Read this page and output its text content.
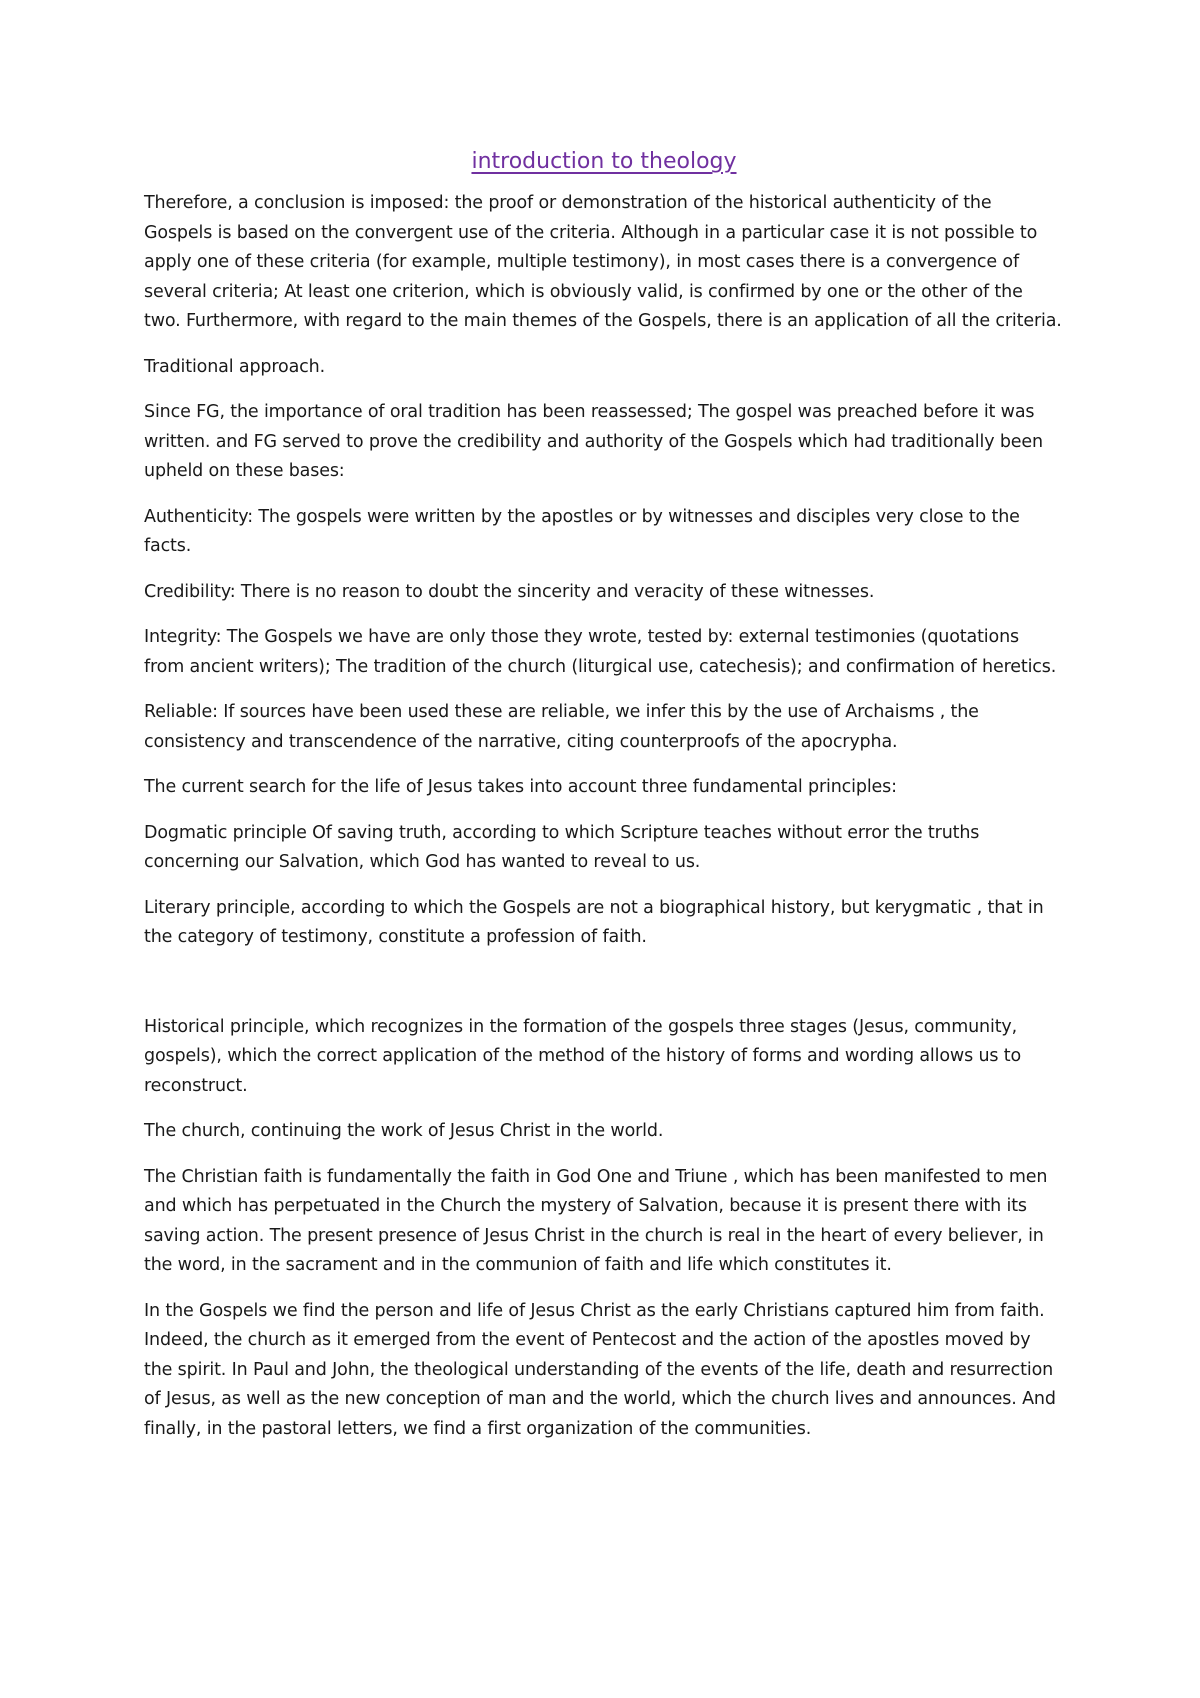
introduction to theology

Therefore, a conclusion is imposed: the proof or demonstration of the historical authenticity of the Gospels is based on the convergent use of the criteria. Although in a particular case it is not possible to apply one of these criteria (for example, multiple testimony), in most cases there is a convergence of several criteria; At least one criterion, which is obviously valid, is confirmed by one or the other of the two. Furthermore, with regard to the main themes of the Gospels, there is an application of all the criteria.

Traditional approach.

Since FG, the importance of oral tradition has been reassessed; The gospel was preached before it was written. and FG served to prove the credibility and authority of the Gospels which had traditionally been upheld on these bases:

Authenticity: The gospels were written by the apostles or by witnesses and disciples very close to the facts.

Credibility: There is no reason to doubt the sincerity and veracity of these witnesses.

Integrity: The Gospels we have are only those they wrote, tested by: external testimonies (quotations from ancient writers); The tradition of the church (liturgical use, catechesis); and confirmation of heretics.

Reliable: If sources have been used these are reliable, we infer this by the use of Archaisms , the consistency and transcendence of the narrative, citing counterproofs of the apocrypha.

The current search for the life of Jesus takes into account three fundamental principles:

Dogmatic principle Of saving truth, according to which Scripture teaches without error the truths concerning our Salvation, which God has wanted to reveal to us.

Literary principle, according to which the Gospels are not a biographical history, but kerygmatic , that in the category of testimony, constitute a profession of faith.

Historical principle, which recognizes in the formation of the gospels three stages (Jesus, community, gospels), which the correct application of the method of the history of forms and wording allows us to reconstruct.

The church, continuing the work of Jesus Christ in the world.

The Christian faith is fundamentally the faith in God One and Triune , which has been manifested to men and which has perpetuated in the Church the mystery of Salvation, because it is present there with its saving action. The present presence of Jesus Christ in the church is real in the heart of every believer, in the word, in the sacrament and in the communion of faith and life which constitutes it.

In the Gospels we find the person and life of Jesus Christ as the early Christians captured him from faith. Indeed, the church as it emerged from the event of Pentecost and the action of the apostles moved by the spirit. In Paul and John, the theological understanding of the events of the life, death and resurrection of Jesus, as well as the new conception of man and the world, which the church lives and announces. And finally, in the pastoral letters, we find a first organization of the communities.
